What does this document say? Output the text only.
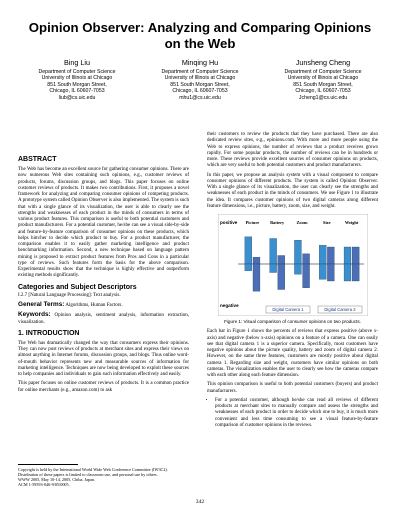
Opinion Observer: Analyzing and Comparing Opinions
on the Web
Bing Liu
Department of Computer Science
University of Illinois at Chicago
851 South Morgan Street,
Chicago, IL 60607-7053
liub@cs.uic.edu
Minqing Hu
Department of Computer Science
University of Illinois at Chicago
851 South Morgan Street,
Chicago, IL 60607-7053
mhu1@cs.uic.edu
Junsheng Cheng
Department of Computer Science
University of Illinois at Chicago
851 South Morgan Street,
Chicago, IL 60607-7053
Jcheng1@cs.uic.edu
ABSTRACT

The Web has become an excellent source for gathering consumer opinions. There are now numerous Web sites containing such opinions, e.g., customer reviews of products, forums, discussion groups, and blogs. This paper focuses on online customer reviews of products. It makes two contributions. First, it proposes a novel framework for analyzing and comparing consumer opinions of competing products. A prototype system called Opinion Observer is also implemented. The system is such that with a single glance of its visualization, the user is able to clearly see the strengths and weaknesses of each product in the minds of consumers in terms of various product features. This comparison is useful to both potential customers and product manufacturers. For a potential customer, he/she can see a visual side-by-side and feature-by-feature comparison of consumer opinions on these products, which helps him/her to decide which product to buy. For a product manufacturer, the comparison enables it to easily gather marketing intelligence and product benchmarking information. Second, a new technique based on language pattern mining is proposed to extract product features from Pros and Cons in a particular type of reviews. Such features form the basis for the above comparison. Experimental results show that the technique is highly effective and outperform existing methods significantly.

Categories and Subject Descriptors

I.2.7 [Natural Language Processing]: Text analysis.

General Terms: Algorithms, Human Factors.

Keywords: Opinion analysis, sentiment analysis, information extraction, visualization.

1. INTRODUCTION

The Web has dramatically changed the way that consumers express their opinions. They can now post reviews of products at merchant sites and express their views on almost anything in Internet forums, discussion groups, and blogs. Thus online word-of-mouth behavior represents new and measurable sources of information for marketing intelligence. Techniques are now being developed to exploit these sources to help companies and individuals to gain such information effectively and easily.

This paper focuses on online customer reviews of products. It is a common practice for online merchants (e.g., amazon.com) to ask

Copyright is held by the International World Wide Web Conference Committee (IW3C2). Distribution of these papers is limited to classroom use, and personal use by others.
WWW 2005, May 10-14, 2005, Chiba, Japan.
ACM 1-59593-046-9/05/0005.

their customers to review the products that they have purchased. There are also dedicated review sites, e.g., epinions.com. With more and more people using the Web to express opinions, the number of reviews that a product receives grows rapidly. For some popular products, the number of reviews can be in hundreds or more. These reviews provide excellent sources of consumer opinions on products, which are very useful to both potential customers and product manufacturers.

In this paper, we propose an analysis system with a visual component to compare consumer opinions of different products. The system is called Opinion Observer. With a single glance of its visualization, the user can clearly see the strengths and weaknesses of each product in the minds of consumers. We use Figure 1 to illustrate the idea. It compares customer opinions of two digital cameras along different feature dimensions, i.e., picture, battery, zoom, size, and weight.

positive
negative
Picture Battery	Zoom	Size	Weight
Digital Camera 1	Digital Camera 2
Figure 1: Visual comparison of consumer opinions on two products.

Each bar in Figure 1 shows the percents of reviews that express positive (above x-axis) and negative (below x-axis) opinions on a feature of a camera. One can easily see that digital camera 1 is a superior camera. Specifically, most customers have negative opinions about the picture quality, battery and zoom of digital camera 2. However, on the same three features, customers are mostly positive about digital camera 1. Regarding size and weight, customers have similar opinions on both cameras. The visualization enables the user to clearly see how the cameras compare with each other along each feature dimension.

This opinion comparison is useful to both potential customers (buyers) and product manufacturers.

• For a potential customer, although he/she can read all reviews of different products at merchant sites to manually compare and assess the strengths and weaknesses of each product in order to decide which one to buy, it is much more convenient and less time consuming to see a visual feature-by-feature comparison of customer opinions in the reviews.
342
